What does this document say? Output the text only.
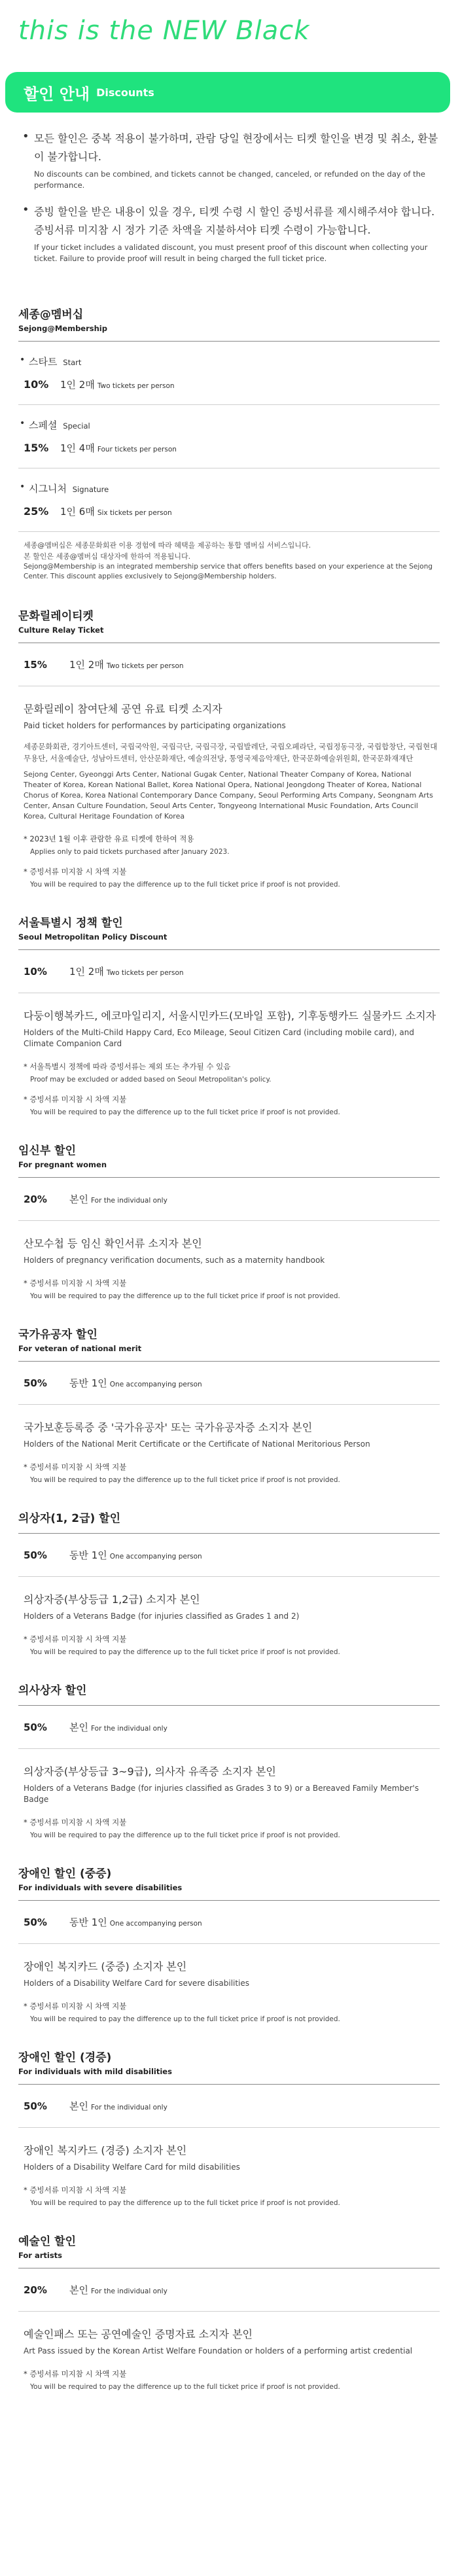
this is the NEW Black
할인 안내 Discounts
• 모든 할인은 중복 적용이 불가하며, 관람 당일 현장에서는 티켓 할인을 변경 및 취소, 환불이 불가합니다.
No discounts can be combined, and tickets cannot be changed, canceled, or refunded on the day of the performance.
• 증빙 할인을 받은 내용이 있을 경우, 티켓 수령 시 할인 증빙서류를 제시해주셔야 합니다. 증빙서류 미지참 시 정가 기준 차액을 지불하셔야 티켓 수령이 가능합니다.
If your ticket includes a validated discount, you must present proof of this discount when collecting your ticket. Failure to provide proof will result in being charged the full ticket price.
세종@멤버십
Sejong@Membership
• 스타트 Start
10%	1인 2매 Two tickets per person
• 스페셜 Special
15%	1인 4매 Four tickets per person
• 시그니처 Signature
25%	1인 6매 Six tickets per person
세종@멤버십은 세종문화회관 이용 경험에 따라 혜택을 제공하는 통합 멤버십 서비스입니다.
본 할인은 세종@멤버십 대상자에 한하여 적용됩니다.
Sejong@Membership is an integrated membership service that offers benefits based on your experience at the Sejong Center. This discount applies exclusively to Sejong@Membership holders.
문화릴레이티켓
Culture Relay Ticket
15%	1인 2매 Two tickets per person
문화릴레이 참여단체 공연 유료 티켓 소지자
Paid ticket holders for performances by participating organizations
세종문화회관, 경기아트센터, 국립국악원, 국립극단, 국립극장, 국립발레단, 국립오페라단, 국립정동극장, 국립합창단, 국립현대무용단, 서울예술단, 성남아트센터, 안산문화재단, 예술의전당, 통영국제음악재단, 한국문화예술위원회, 한국문화재재단
Sejong Center, Gyeonggi Arts Center, National Gugak Center, National Theater Company of Korea, National Theater of Korea, Korean National Ballet, Korea National Opera, National Jeongdong Theater of Korea, National Chorus of Korea, Korea National Contemporary Dance Company, Seoul Performing Arts Company, Seongnam Arts Center, Ansan Culture Foundation, Seoul Arts Center, Tongyeong International Music Foundation, Arts Council Korea, Cultural Heritage Foundation of Korea
* 2023년 1월 이후 관람한 유료 티켓에 한하여 적용
Applies only to paid tickets purchased after January 2023.
* 증빙서류 미지참 시 차액 지불
You will be required to pay the difference up to the full ticket price if proof is not provided.
서울특별시 정책 할인
Seoul Metropolitan Policy Discount
10%	1인 2매 Two tickets per person
다둥이행복카드, 에코마일리지, 서울시민카드(모바일 포함), 기후동행카드 실물카드 소지자
Holders of the Multi-Child Happy Card, Eco Mileage, Seoul Citizen Card (including mobile card), and Climate Companion Card
* 서울특별시 정책에 따라 증빙서류는 제외 또는 추가될 수 있음
Proof may be excluded or added based on Seoul Metropolitan's policy.
* 증빙서류 미지참 시 차액 지불
You will be required to pay the difference up to the full ticket price if proof is not provided.
임신부 할인
For pregnant women
20%	본인 For the individual only
산모수첩 등 임신 확인서류 소지자 본인
Holders of pregnancy verification documents, such as a maternity handbook
* 증빙서류 미지참 시 차액 지불
You will be required to pay the difference up to the full ticket price if proof is not provided.
국가유공자 할인
For veteran of national merit
50%	동반 1인 One accompanying person
국가보훈등록증 중 '국가유공자' 또는 국가유공자증 소지자 본인
Holders of the National Merit Certificate or the Certificate of National Meritorious Person
* 증빙서류 미지참 시 차액 지불
You will be required to pay the difference up to the full ticket price if proof is not provided.
의상자(1, 2급) 할인
50%	동반 1인 One accompanying person
의상자증(부상등급 1,2급) 소지자 본인
Holders of a Veterans Badge (for injuries classified as Grades 1 and 2)
* 증빙서류 미지참 시 차액 지불
You will be required to pay the difference up to the full ticket price if proof is not provided.
의사상자 할인
50%	본인 For the individual only
의상자증(부상등급 3~9급), 의사자 유족증 소지자 본인
Holders of a Veterans Badge (for injuries classified as Grades 3 to 9) or a Bereaved Family Member's Badge
* 증빙서류 미지참 시 차액 지불
You will be required to pay the difference up to the full ticket price if proof is not provided.
장애인 할인 (중증)
For individuals with severe disabilities
50%	동반 1인 One accompanying person
장애인 복지카드 (중증) 소지자 본인
Holders of a Disability Welfare Card for severe disabilities
* 증빙서류 미지참 시 차액 지불
You will be required to pay the difference up to the full ticket price if proof is not provided.
장애인 할인 (경증)
For individuals with mild disabilities
50%	본인 For the individual only
장애인 복지카드 (경증) 소지자 본인
Holders of a Disability Welfare Card for mild disabilities
* 증빙서류 미지참 시 차액 지불
You will be required to pay the difference up to the full ticket price if proof is not provided.
예술인 할인
For artists
20%	본인 For the individual only
예술인패스 또는 공연예술인 증명자료 소지자 본인
Art Pass issued by the Korean Artist Welfare Foundation or holders of a performing artist credential
* 증빙서류 미지참 시 차액 지불
You will be required to pay the difference up to the full ticket price if proof is not provided.
